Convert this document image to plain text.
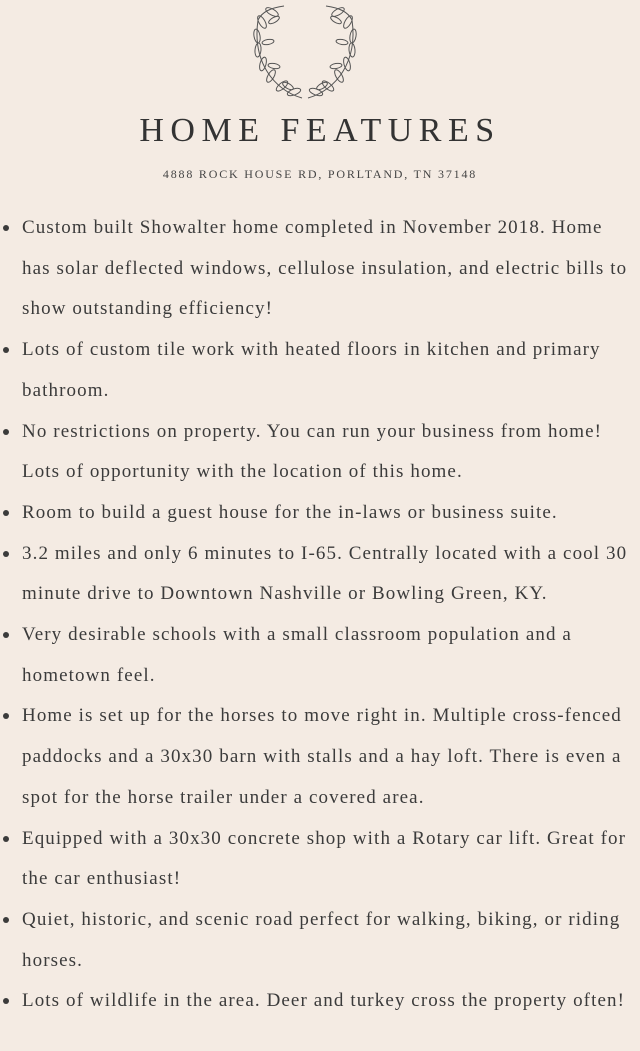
HOME FEATURES

4888 ROCK HOUSE RD, PORLTAND, TN 37148

Custom built Showalter home completed in November 2018. Home has solar deflected windows, cellulose insulation, and electric bills to show outstanding efficiency!
Lots of custom tile work with heated floors in kitchen and primary bathroom.
No restrictions on property. You can run your business from home! Lots of opportunity with the location of this home.
Room to build a guest house for the in-laws or business suite.
3.2 miles and only 6 minutes to I-65. Centrally located with a cool 30 minute drive to Downtown Nashville or Bowling Green, KY.
Very desirable schools with a small classroom population and a hometown feel.
Home is set up for the horses to move right in. Multiple cross-fenced paddocks and a 30x30 barn with stalls and a hay loft. There is even a spot for the horse trailer under a covered area.
Equipped with a 30x30 concrete shop with a Rotary car lift. Great for the car enthusiast!
Quiet, historic, and scenic road perfect for walking, biking, or riding horses.
Lots of wildlife in the area. Deer and turkey cross the property often!
